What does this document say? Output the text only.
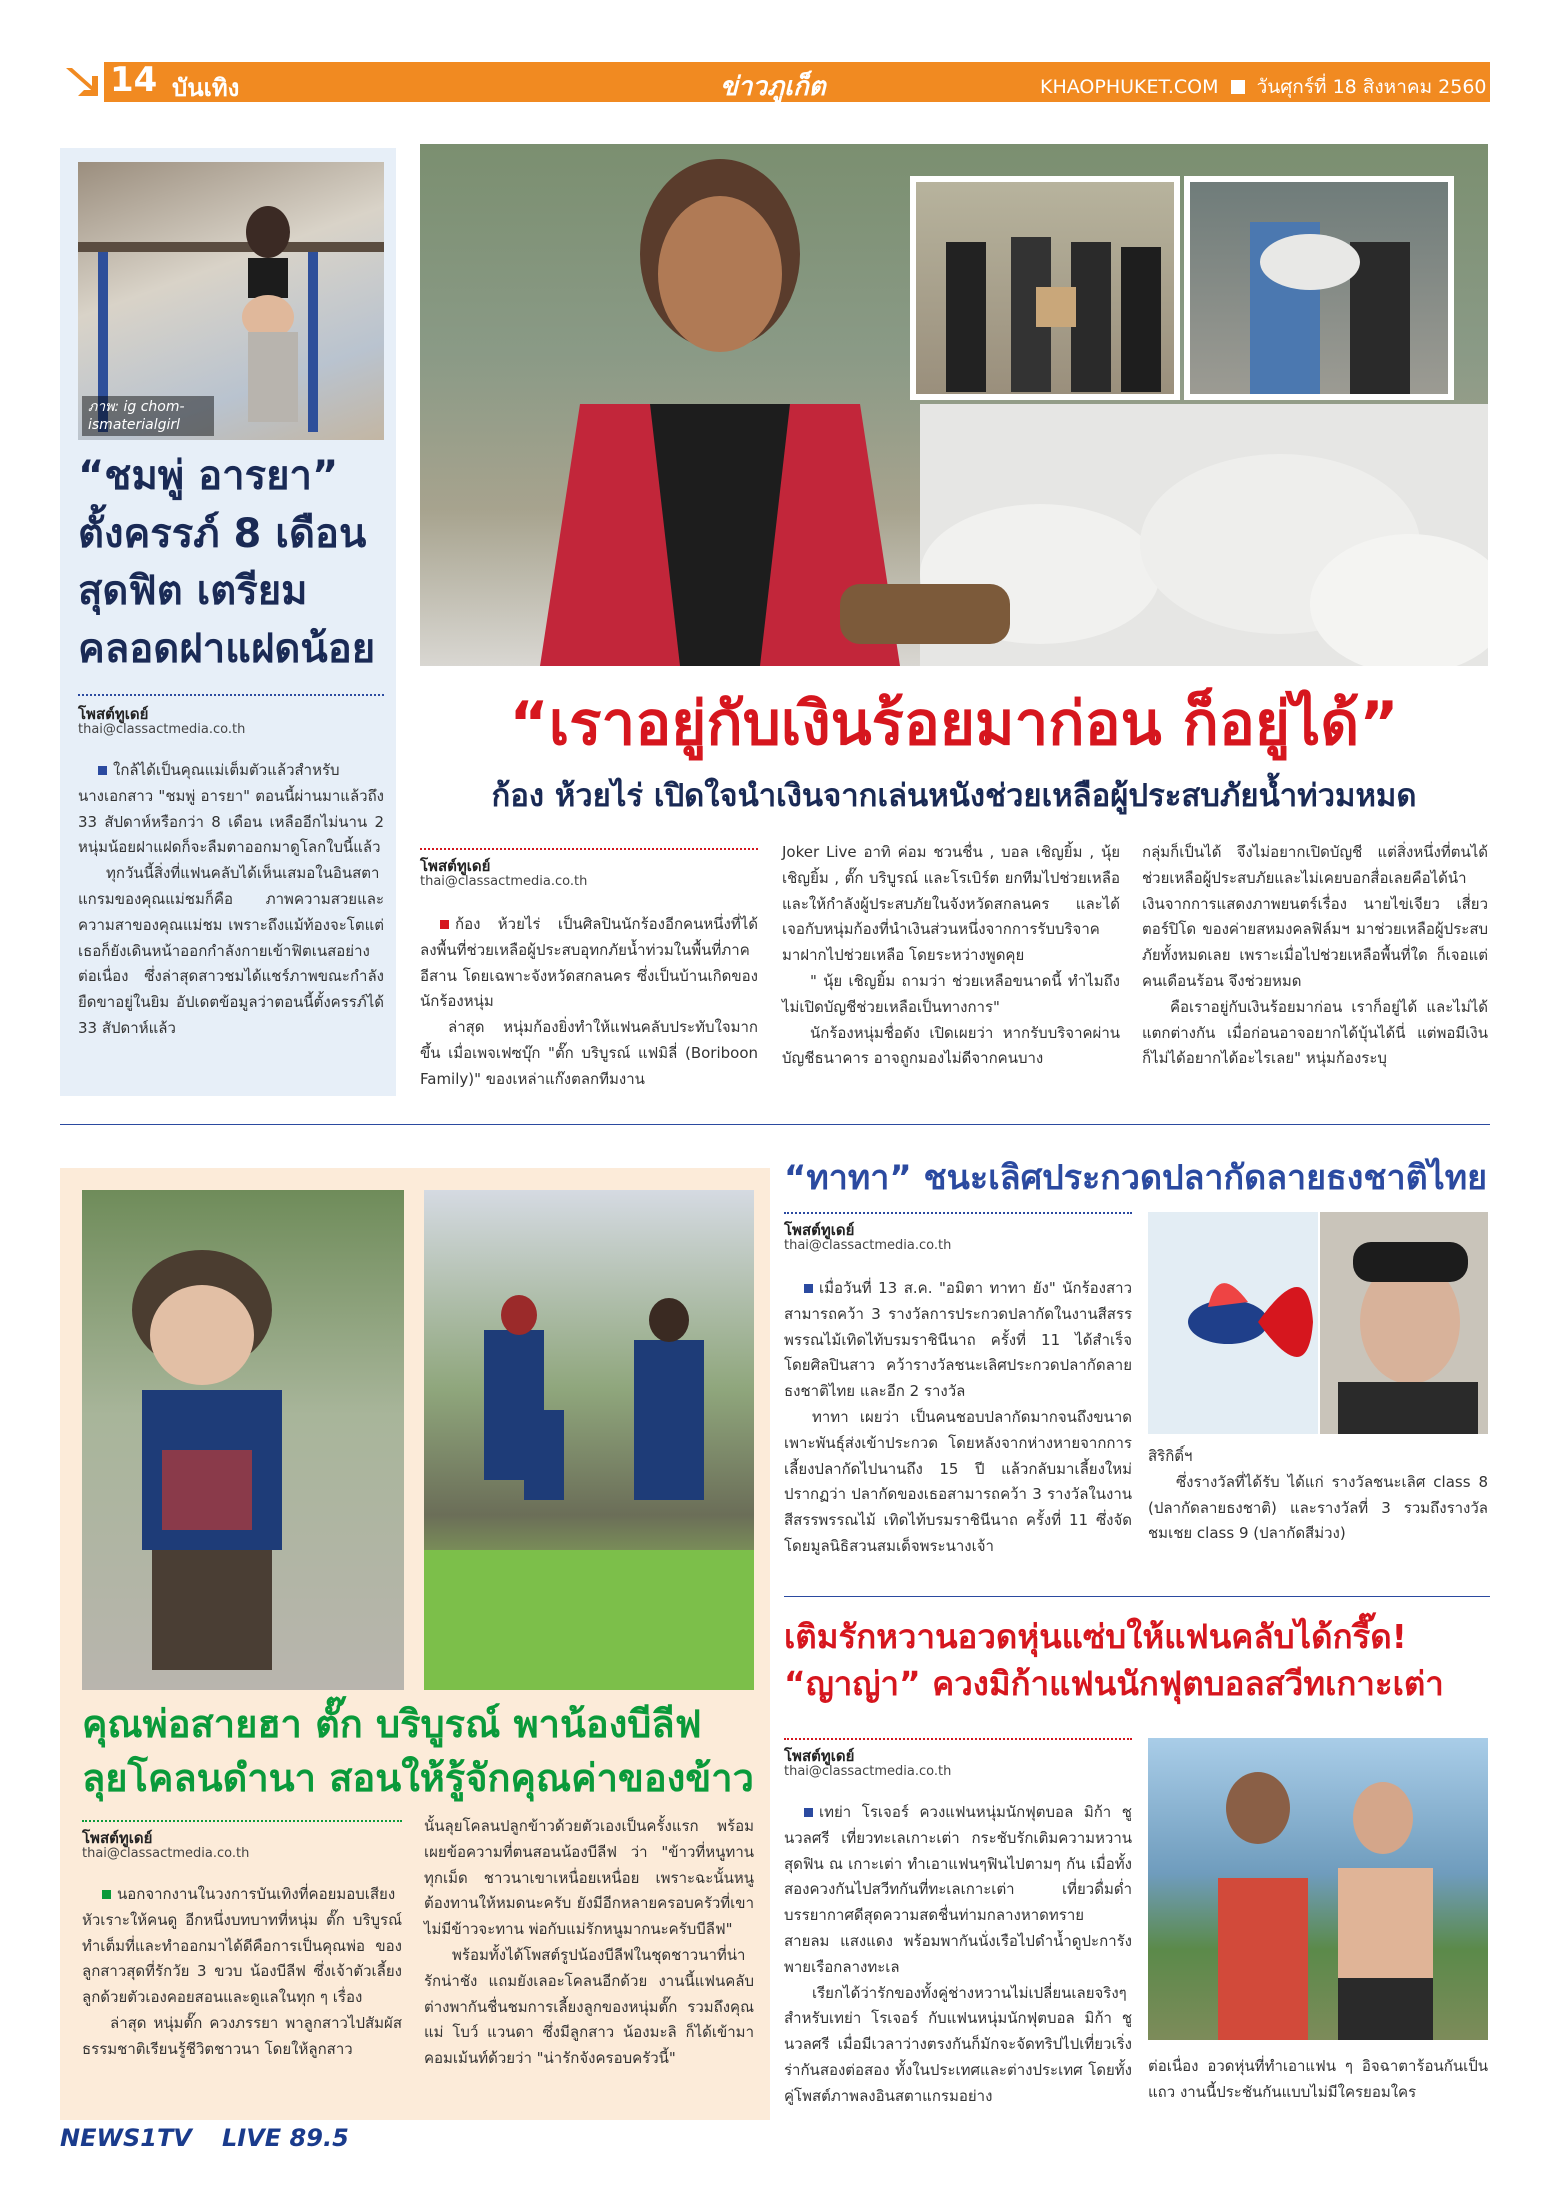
14 บันเทิง	ข่าวภูเก็ต	KHAOPHUKET.COM วันศุกร์ที่ 18 สิงหาคม 2560
ภาพ: ig chom-ismaterialgirl
“ชมพู่ อารยา”
ตั้งครรภ์ 8 เดือน
สุดฟิต เตรียม
คลอดฝาแฝดน้อย
โพสต์ทูเดย์
thai@classactmedia.co.th
ใกล้ได้เป็นคุณแม่เต็มตัวแล้วสำหรับนางเอกสาว "ชมพู่ อารยา" ตอนนี้ผ่านมาแล้วถึง 33 สัปดาห์หรือกว่า 8 เดือน เหลืออีกไม่นาน 2 หนุ่มน้อยฝาแฝดก็จะลืมตาออกมาดูโลกใบนี้แล้ว
ทุกวันนี้สิ่งที่แฟนคลับได้เห็นเสมอในอินสตาแกรมของคุณแม่ชมก็คือ ภาพความสวยและความสาของคุณแม่ชม เพราะถึงแม้ท้องจะโตแต่เธอก็ยังเดินหน้าออกกำลังกายเข้าฟิตเนสอย่างต่อเนื่อง ซึ่งล่าสุดสาวชมได้แชร์ภาพขณะกำลังยืดขาอยู่ในยิม อัปเดตข้อมูลว่าตอนนี้ตั้งครรภ์ได้ 33 สัปดาห์แล้ว
“เราอยู่กับเงินร้อยมาก่อน ก็อยู่ได้”
ก้อง ห้วยไร่ เปิดใจนำเงินจากเล่นหนังช่วยเหลือผู้ประสบภัยน้ำท่วมหมด
โพสต์ทูเดย์
thai@classactmedia.co.th
ก้อง ห้วยไร่ เป็นศิลปินนักร้องอีกคนหนึ่งที่ได้ลงพื้นที่ช่วยเหลือผู้ประสบอุทกภัยน้ำท่วมในพื้นที่ภาคอีสาน โดยเฉพาะจังหวัดสกลนคร ซึ่งเป็นบ้านเกิดของนักร้องหนุ่ม
ล่าสุด หนุ่มก้องยิ่งทำให้แฟนคลับประทับใจมากขึ้น เมื่อเพจเฟซบุ๊ก "ตั๊ก บริบูรณ์ แฟมิลี่ (Boriboon Family)" ของเหล่าแก๊งตลกทีมงาน
Joker Live อาทิ ค่อม ชวนชื่น , บอล เชิญยิ้ม , นุ้ย เชิญยิ้ม , ตั๊ก บริบูรณ์ และโรเบิร์ต ยกทีมไปช่วยเหลือและให้กำลังผู้ประสบภัยในจังหวัดสกลนคร และได้เจอกับหนุ่มก้องที่นำเงินส่วนหนึ่งจากการรับบริจาค มาฝากไปช่วยเหลือ โดยระหว่างพูดคุย
" นุ้ย เชิญยิ้ม ถามว่า ช่วยเหลือขนาดนี้ ทำไมถึงไม่เปิดบัญชีช่วยเหลือเป็นทางการ"
นักร้องหนุ่มชื่อดัง เปิดเผยว่า หากรับบริจาคผ่านบัญชีธนาคาร อาจถูกมองไม่ดีจากคนบาง
กลุ่มก็เป็นได้ จึงไม่อยากเปิดบัญชี แต่สิ่งหนึ่งที่ตนได้ช่วยเหลือผู้ประสบภัยและไม่เคยบอกสื่อเลยคือได้นำเงินจากการแสดงภาพยนตร์เรื่อง นายไข่เจียว เสี่ยวตอร์ปิโด ของค่ายสหมงคลฟิล์มฯ มาช่วยเหลือผู้ประสบภัยทั้งหมดเลย เพราะเมื่อไปช่วยเหลือพื้นที่ใด ก็เจอแต่คนเดือนร้อน จึงช่วยหมด
คือเราอยู่กับเงินร้อยมาก่อน เราก็อยู่ได้ และไม่ได้แตกต่างกัน เมื่อก่อนอาจอยากได้บุ้นได้นี่ แต่พอมีเงิน ก็ไม่ได้อยากได้อะไรเลย" หนุ่มก้องระบุ
คุณพ่อสายฮา ตั๊ก บริบูรณ์ พาน้องบีลีฟ
ลุยโคลนดำนา สอนให้รู้จักคุณค่าของข้าว
โพสต์ทูเดย์
thai@classactmedia.co.th
นอกจากงานในวงการบันเทิงที่คอยมอบเสียงหัวเราะให้คนดู อีกหนึ่งบทบาทที่หนุ่ม ตั๊ก บริบูรณ์ ทำเต็มที่และทำออกมาได้ดีคือการเป็นคุณพ่อ ของลูกสาวสุดที่รักวัย 3 ขวบ น้องบีลีฟ ซึ่งเจ้าตัวเลี้ยงลูกด้วยตัวเองคอยสอนและดูแลในทุก ๆ เรื่อง
ล่าสุด หนุ่มตั๊ก ควงภรรยา พาลูกสาวไปสัมผัสธรรมชาติเรียนรู้ชีวิตชาวนา โดยให้ลูกสาว
นั้นลุยโคลนปลูกข้าวด้วยตัวเองเป็นครั้งแรก พร้อมเผยข้อความที่ตนสอนน้องบีลีฟ ว่า "ข้าวที่หนูทานทุกเม็ด ชาวนาเขาเหนื่อยเหนื่อย เพราะฉะนั้นหนูต้องทานให้หมดนะครับ ยังมีอีกหลายครอบครัวที่เขาไม่มีข้าวจะทาน พ่อกับแม่รักหนูมากนะครับบีลีฟ"
พร้อมทั้งได้โพสต์รูปน้องบีลีฟในชุดชาวนาที่น่ารักน่าชัง แถมยังเลอะโคลนอีกด้วย งานนี้แฟนคลับต่างพากันชื่นชมการเลี้ยงลูกของหนุ่มตั๊ก รวมถึงคุณแม่ โบว์ แวนดา ซึ่งมีลูกสาว น้องมะลิ ก็ได้เข้ามาคอมเม้นท์ด้วยว่า "น่ารักจังครอบครัวนี้"
“ทาทา” ชนะเลิศประกวดปลากัดลายธงชาติไทย
โพสต์ทูเดย์
thai@classactmedia.co.th
เมื่อวันที่ 13 ส.ค. "อมิตา ทาทา ยัง" นักร้องสาว สามารถคว้า 3 รางวัลการประกวดปลากัดในงานสีสรรพรรณไม้เทิดไท้บรมราชินีนาถ ครั้งที่ 11 ได้สำเร็จ โดยศิลปินสาว คว้ารางวัลชนะเลิศประกวดปลากัดลายธงชาติไทย และอีก 2 รางวัล
ทาทา เผยว่า เป็นคนชอบปลากัดมากจนถึงขนาดเพาะพันธุ์ส่งเข้าประกวด โดยหลังจากห่างหายจากการเลี้ยงปลากัดไปนานถึง 15 ปี แล้วกลับมาเลี้ยงใหม่ ปรากฏว่า ปลากัดของเธอสามารถคว้า 3 รางวัลในงานสีสรรพรรณไม้ เทิดไท้บรมราชินีนาถ ครั้งที่ 11 ซึ่งจัดโดยมูลนิธิสวนสมเด็จพระนางเจ้า
สิริกิติ์ฯ
ซึ่งรางวัลที่ได้รับ ได้แก่ รางวัลชนะเลิศ class 8 (ปลากัดลายธงชาติ) และรางวัลที่ 3 รวมถึงรางวัลชมเชย class 9 (ปลากัดสีม่วง)
เติมรักหวานอวดหุ่นแซ่บให้แฟนคลับได้กรี๊ด!
“ญาญ่า” ควงมิก้าแฟนนักฟุตบอลสวีทเกาะเต่า
โพสต์ทูเดย์
thai@classactmedia.co.th
เทย่า โรเจอร์ ควงแฟนหนุ่มนักฟุตบอล มิก้า ชูนวลศรี เที่ยวทะเลเกาะเต่า กระชับรักเติมความหวานสุดฟิน ณ เกาะเต่า ทำเอาแฟนๆฟินไปตามๆ กัน เมื่อทั้งสองควงกันไปสวีทกันที่ทะเลเกาะเต่า เที่ยวดื่มด่ำบรรยากาศดีสุดความสดชื่นท่ามกลางหาดทราย สายลม แสงแดง พร้อมพากันนั่งเรือไปดำน้ำดูปะการัง พายเรือกลางทะเล
เรียกได้ว่ารักของทั้งคู่ช่างหวานไม่เปลี่ยนเลยจริงๆ สำหรับเทย่า โรเจอร์ กับแฟนหนุ่มนักฟุตบอล มิก้า ชูนวลศรี เมื่อมีเวลาว่างตรงกันก็มักจะจัดทริปไปเที่ยวเริ่งร่ากันสองต่อสอง ทั้งในประเทศและต่างประเทศ โดยทั้งคู่โพสต์ภาพลงอินสตาแกรมอย่าง
ต่อเนื่อง อวดหุ่นที่ทำเอาแฟน ๆ อิจฉาตาร้อนกันเป็นแถว งานนี้ประชันกันแบบไม่มีใครยอมใคร
NEWS1TV LIVE 89.5
